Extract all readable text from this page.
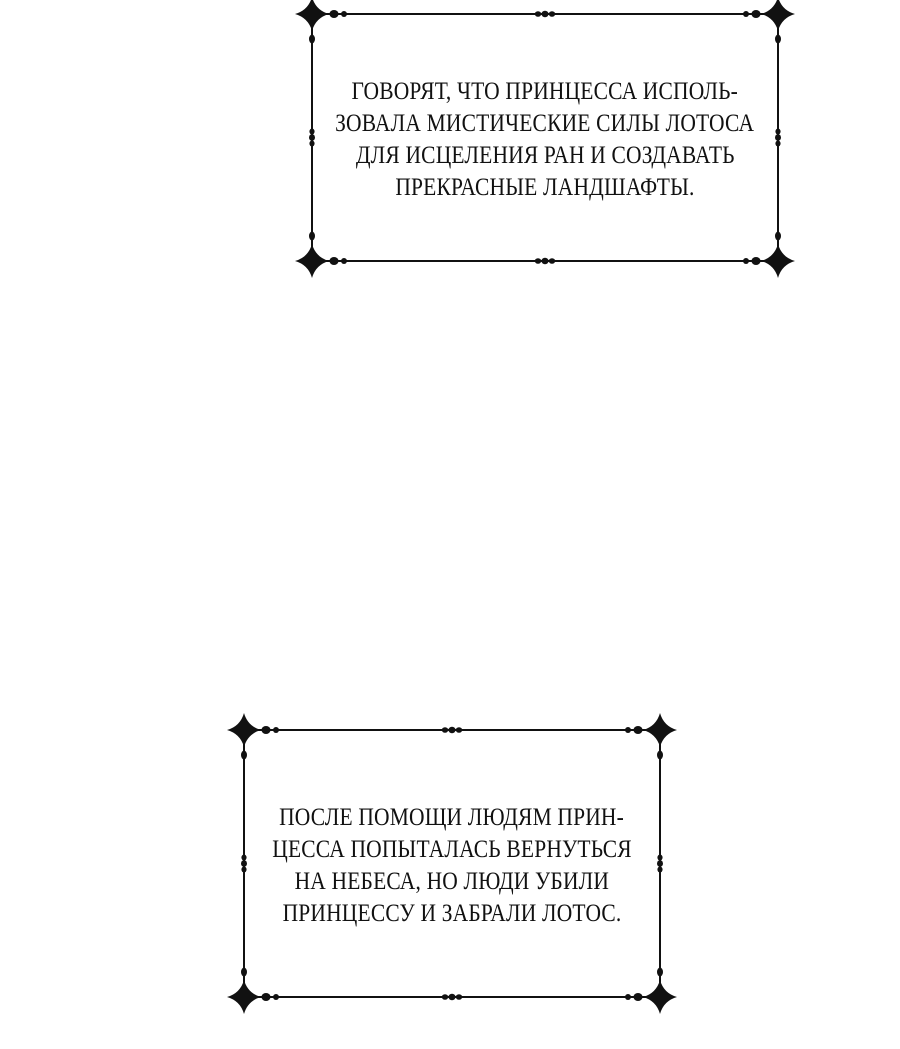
ГОВОРЯТ, ЧТО ПРИНЦЕССА ИСПОЛЬ-
ЗОВАЛА МИСТИЧЕСКИЕ СИЛЫ ЛОТОСА
ДЛЯ ИСЦЕЛЕНИЯ РАН И СОЗДАВАТЬ
ПРЕКРАСНЫЕ ЛАНДШАФТЫ.
ПОСЛЕ ПОМОЩИ ЛЮДЯМ ПРИН-
ЦЕССА ПОПЫТАЛАСЬ ВЕРНУТЬСЯ
НА НЕБЕСА, НО ЛЮДИ УБИЛИ
ПРИНЦЕССУ И ЗАБРАЛИ ЛОТОС.
